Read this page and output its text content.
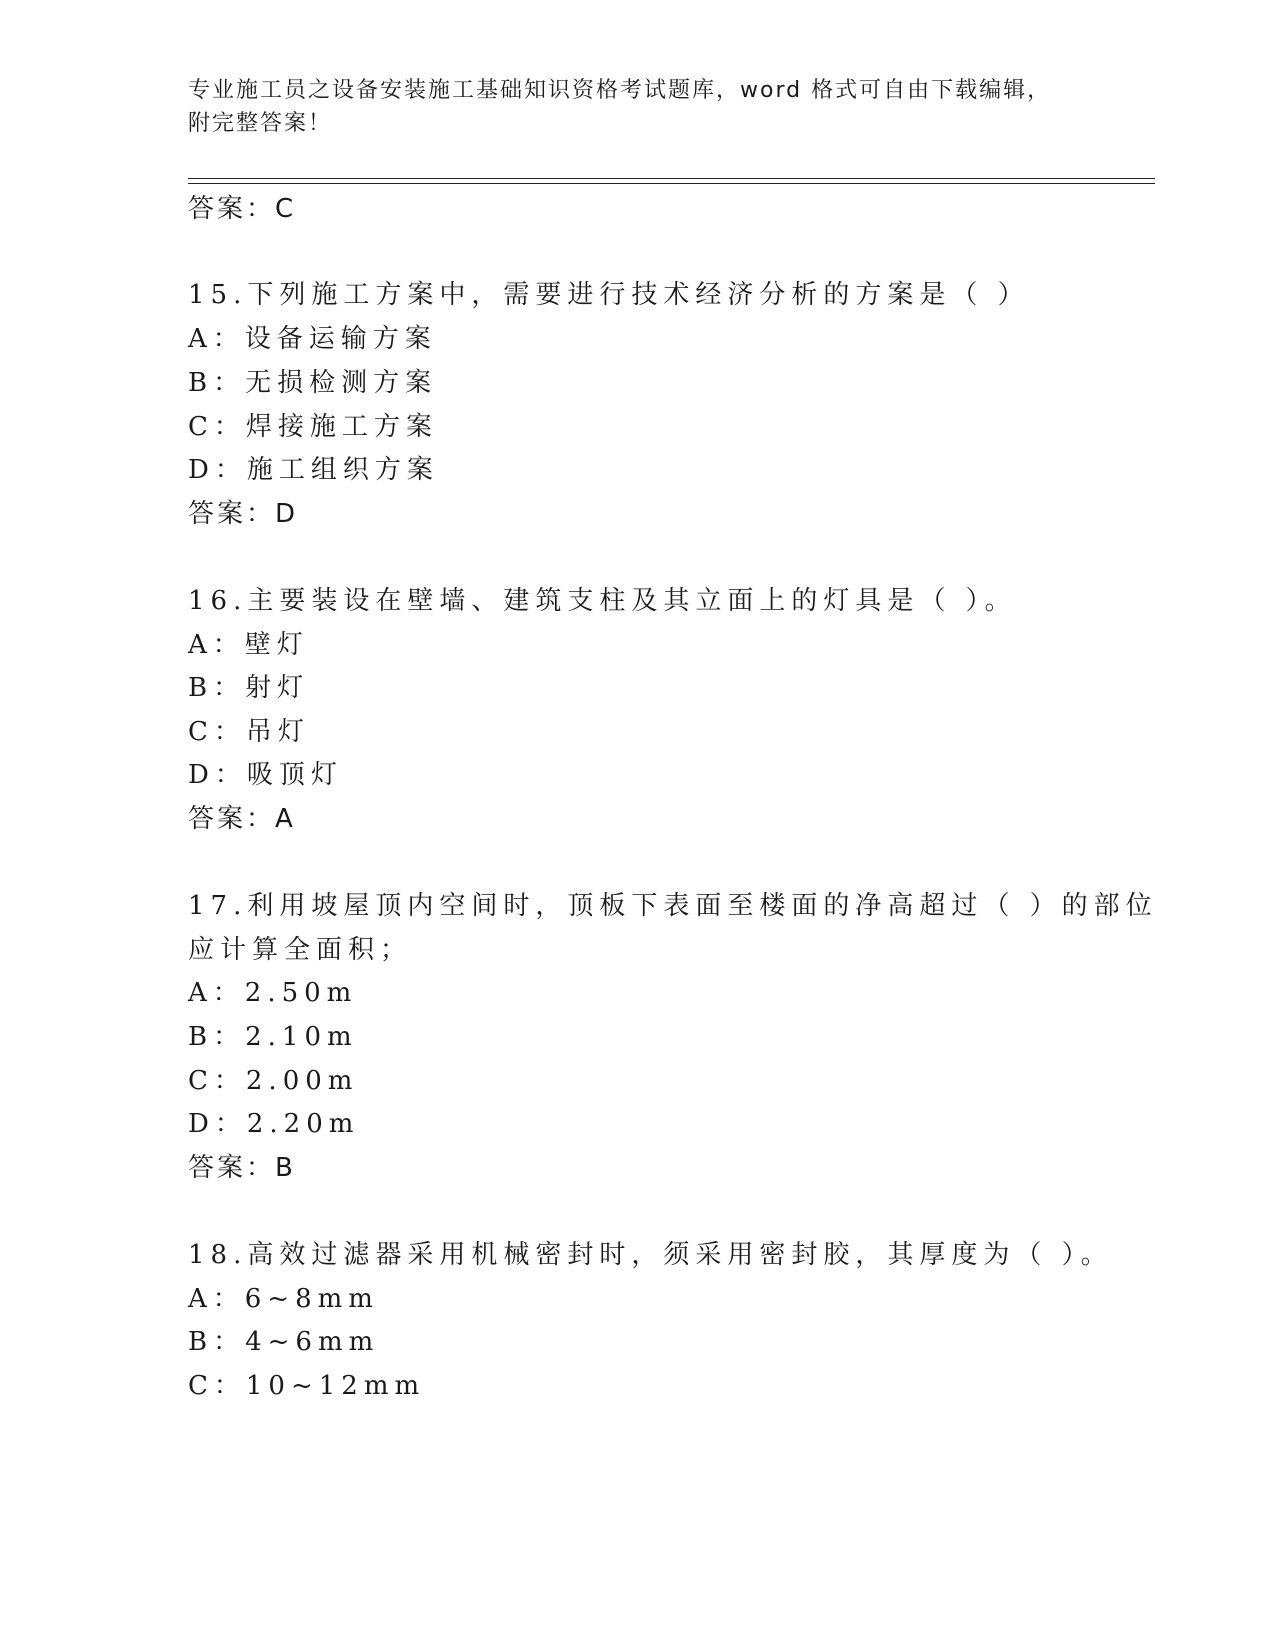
专业施工员之设备安装施工基础知识资格考试题库，word 格式可自由下载编辑，
附完整答案！
答案：C
15.下列施工方案中，需要进行技术经济分析的方案是（ ）
A：设备运输方案
B：无损检测方案
C：焊接施工方案
D：施工组织方案
答案：D
16.主要装设在壁墙、建筑支柱及其立面上的灯具是（ ）。
A：壁灯
B：射灯
C：吊灯
D：吸顶灯
答案：A
17.利用坡屋顶内空间时，顶板下表面至楼面的净高超过（ ）的部位
应计算全面积；
A：2.50m
B：2.10m
C：2.00m
D：2.20m
答案：B
18.高效过滤器采用机械密封时，须采用密封胶，其厚度为（ ）。
A：6~8mm
B：4~6mm
C：10~12mm
